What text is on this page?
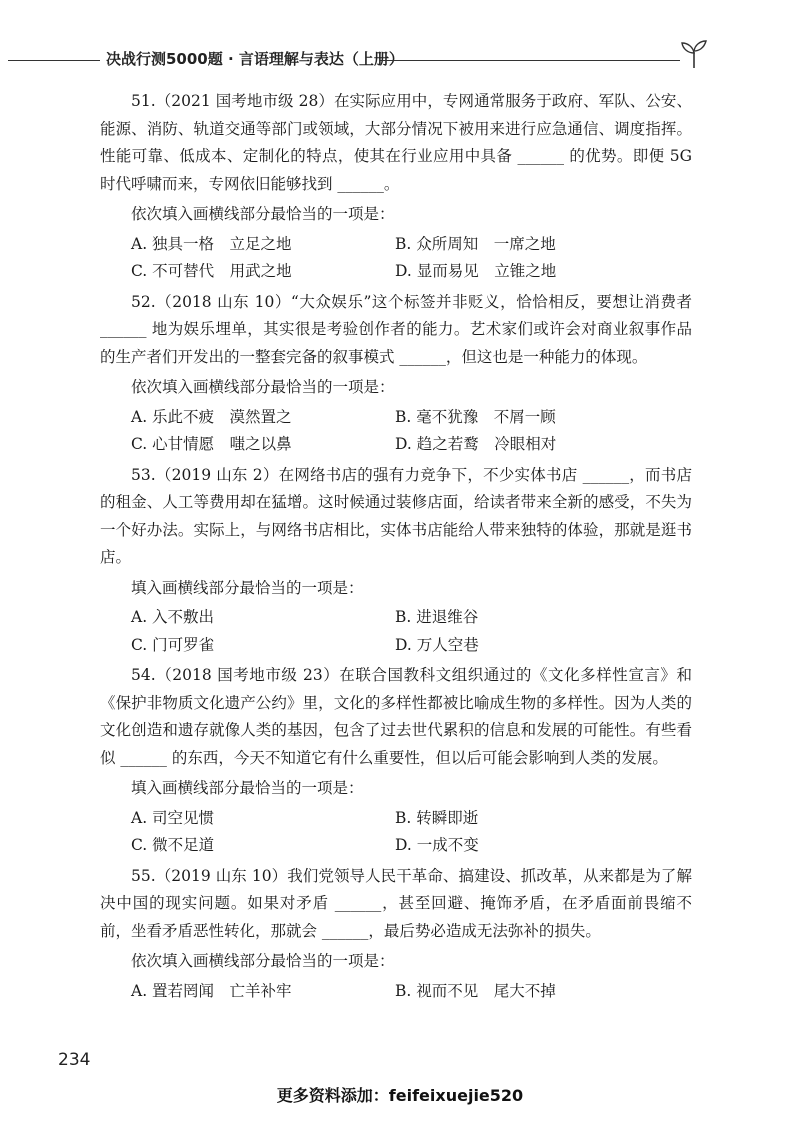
决战行测5000题 · 言语理解与表达（上册）

51.（2021 国考地市级 28）在实际应用中，专网通常服务于政府、军队、公安、能源、消防、轨道交通等部门或领域，大部分情况下被用来进行应急通信、调度指挥。性能可靠、低成本、定制化的特点，使其在行业应用中具备 ______ 的优势。即便 5G 时代呼啸而来，专网依旧能够找到 ______。

依次填入画横线部分最恰当的一项是：

A. 独具一格　立足之地	B. 众所周知　一席之地
C. 不可替代　用武之地	D. 显而易见　立锥之地

52.（2018 山东 10）“大众娱乐”这个标签并非贬义，恰恰相反，要想让消费者 ______ 地为娱乐埋单，其实很是考验创作者的能力。艺术家们或许会对商业叙事作品的生产者们开发出的一整套完备的叙事模式 ______，但这也是一种能力的体现。

依次填入画横线部分最恰当的一项是：

A. 乐此不疲　漠然置之	B. 毫不犹豫　不屑一顾
C. 心甘情愿　嗤之以鼻	D. 趋之若鹜　冷眼相对

53.（2019 山东 2）在网络书店的强有力竞争下，不少实体书店 ______，而书店的租金、人工等费用却在猛增。这时候通过装修店面，给读者带来全新的感受，不失为一个好办法。实际上，与网络书店相比，实体书店能给人带来独特的体验，那就是逛书店。

填入画横线部分最恰当的一项是：

A. 入不敷出	B. 进退维谷
C. 门可罗雀	D. 万人空巷

54.（2018 国考地市级 23）在联合国教科文组织通过的《文化多样性宣言》和《保护非物质文化遗产公约》里，文化的多样性都被比喻成生物的多样性。因为人类的文化创造和遗存就像人类的基因，包含了过去世代累积的信息和发展的可能性。有些看似 ______ 的东西，今天不知道它有什么重要性，但以后可能会影响到人类的发展。

填入画横线部分最恰当的一项是：

A. 司空见惯	B. 转瞬即逝
C. 微不足道	D. 一成不变

55.（2019 山东 10）我们党领导人民干革命、搞建设、抓改革，从来都是为了解决中国的现实问题。如果对矛盾 ______，甚至回避、掩饰矛盾，在矛盾面前畏缩不前，坐看矛盾恶性转化，那就会 ______，最后势必造成无法弥补的损失。

依次填入画横线部分最恰当的一项是：

A. 置若罔闻　亡羊补牢	B. 视而不见　尾大不掉
234
更多资料添加：feifeixuejie520
